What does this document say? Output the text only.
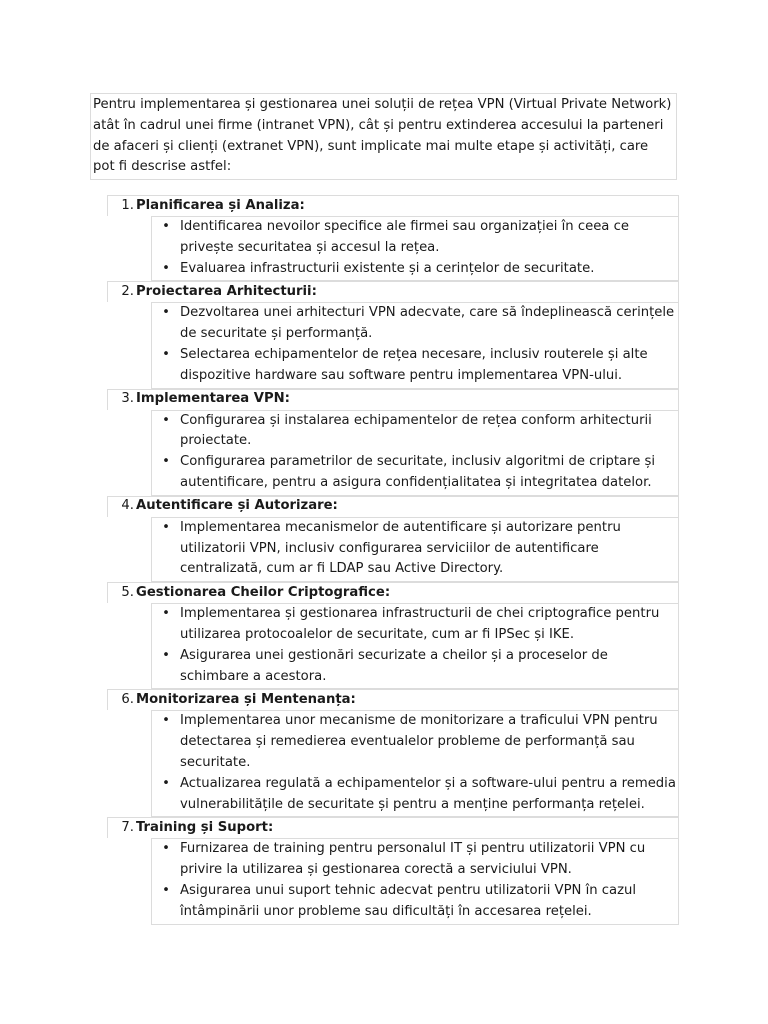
Pentru implementarea și gestionarea unei soluții de rețea VPN (Virtual Private Network) atât în cadrul unei firme (intranet VPN), cât și pentru extinderea accesului la parteneri de afaceri și clienți (extranet VPN), sunt implicate mai multe etape și activități, care pot fi descrise astfel:
1. Planificarea și Analiza:
• Identificarea nevoilor specifice ale firmei sau organizației în ceea ce privește securitatea și accesul la rețea.
• Evaluarea infrastructurii existente și a cerințelor de securitate.
2. Proiectarea Arhitecturii:
• Dezvoltarea unei arhitecturi VPN adecvate, care să îndeplinească cerințele de securitate și performanță.
• Selectarea echipamentelor de rețea necesare, inclusiv routerele și alte dispozitive hardware sau software pentru implementarea VPN-ului.
3. Implementarea VPN:
• Configurarea și instalarea echipamentelor de rețea conform arhitecturii proiectate.
• Configurarea parametrilor de securitate, inclusiv algoritmi de criptare și autentificare, pentru a asigura confidențialitatea și integritatea datelor.
4. Autentificare și Autorizare:
• Implementarea mecanismelor de autentificare și autorizare pentru utilizatorii VPN, inclusiv configurarea serviciilor de autentificare centralizată, cum ar fi LDAP sau Active Directory.
5. Gestionarea Cheilor Criptografice:
• Implementarea și gestionarea infrastructurii de chei criptografice pentru utilizarea protocoalelor de securitate, cum ar fi IPSec și IKE.
• Asigurarea unei gestionări securizate a cheilor și a proceselor de schimbare a acestora.
6. Monitorizarea și Mentenanța:
• Implementarea unor mecanisme de monitorizare a traficului VPN pentru detectarea și remedierea eventualelor probleme de performanță sau securitate.
• Actualizarea regulată a echipamentelor și a software-ului pentru a remedia vulnerabilitățile de securitate și pentru a menține performanța rețelei.
7. Training și Suport:
• Furnizarea de training pentru personalul IT și pentru utilizatorii VPN cu privire la utilizarea și gestionarea corectă a serviciului VPN.
• Asigurarea unui suport tehnic adecvat pentru utilizatorii VPN în cazul întâmpinării unor probleme sau dificultăți în accesarea rețelei.
